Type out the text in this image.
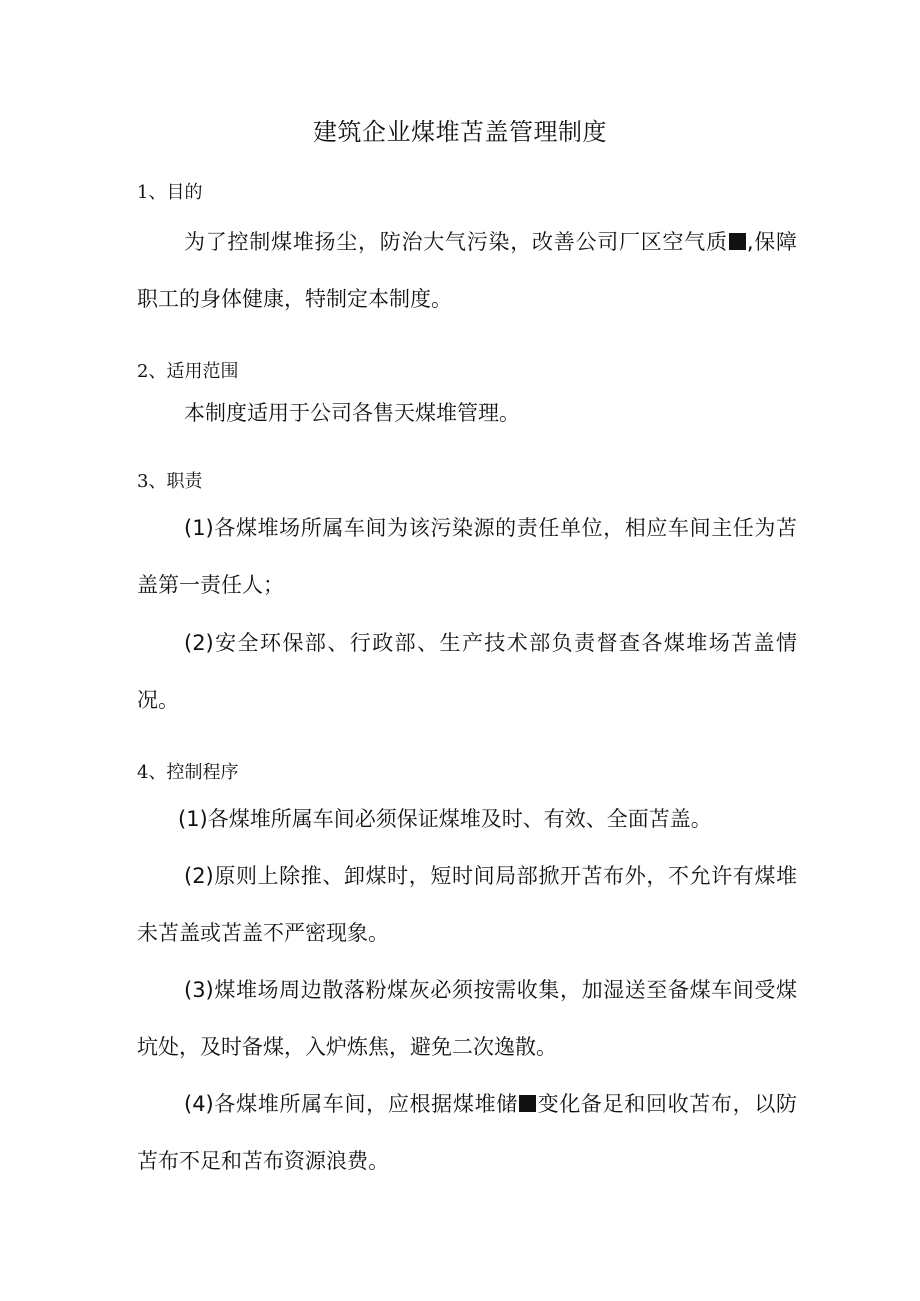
建筑企业煤堆苫盖管理制度
1、目的

为了控制煤堆扬尘，防治大气污染，改善公司厂区空气质 ,保障职工的身体健康，特制定本制度。

2、适用范围

本制度适用于公司各售天煤堆管理。

3、职责

(1)各煤堆场所属车间为该污染源的责任单位，相应车间主任为苫盖第一责任人；

(2)安全环保部、行政部、生产技术部负责督查各煤堆场苫盖情况。

4、控制程序

(1)各煤堆所属车间必须保证煤堆及时、有效、全面苫盖。

(2)原则上除推、卸煤时，短时间局部掀开苫布外，不允许有煤堆未苫盖或苫盖不严密现象。

(3)煤堆场周边散落粉煤灰必须按需收集，加湿送至备煤车间受煤坑处，及时备煤，入炉炼焦，避免二次逸散。

(4)各煤堆所属车间，应根据煤堆储 变化备足和回收苫布，以防苫布不足和苫布资源浪费。
